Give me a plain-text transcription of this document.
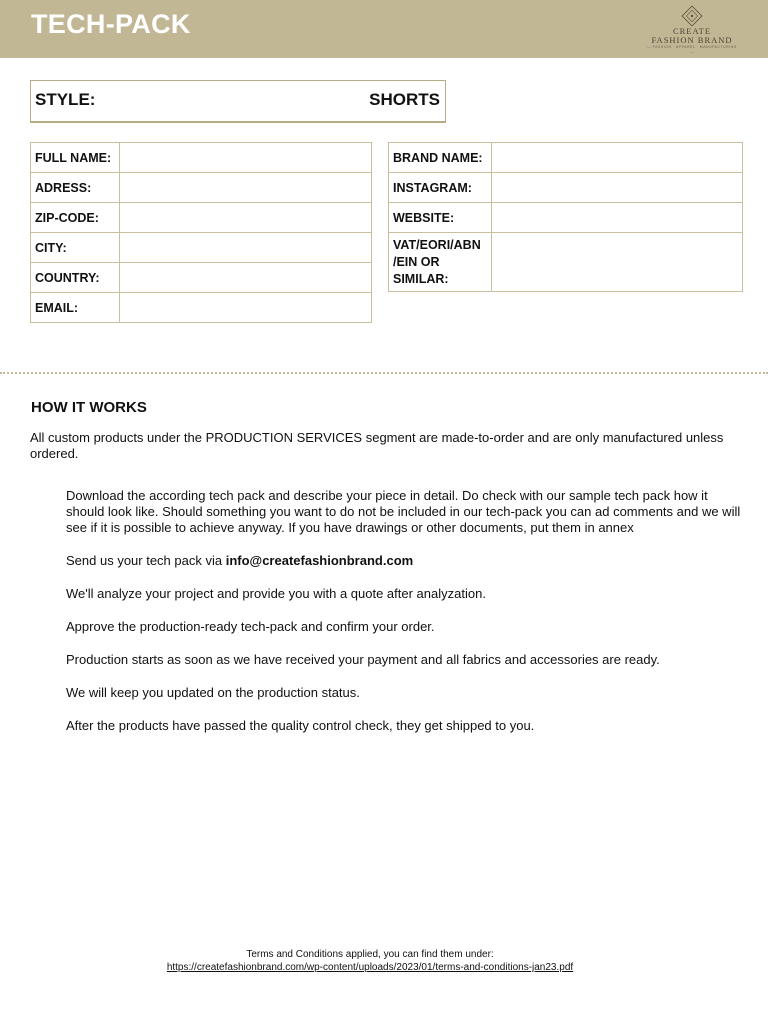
TECH-PACK	CREATE
FASHION BRAND
— FASHION · APPAREL · MANUFACTURING —
STYLE:	SHORTS
FULL NAME:	
ADRESS:	
ZIP-CODE:	
CITY:	
COUNTRY:	
EMAIL:	
BRAND NAME:	
INSTAGRAM:	
WEBSITE:	

VAT/EORI/ABN
/EIN OR
SIMILAR:	

HOW IT WORKS
All custom products under the PRODUCTION SERVICES segment are made-to-order and are only manufactured unless ordered.
Download the according tech pack and describe your piece in detail. Do check with our sample tech pack how it should look like. Should something you want to do not be included in our tech-pack you can ad comments and we will see if it is possible to achieve anyway. If you have drawings or other documents, put them in annex
Send us your tech pack via info@createfashionbrand.com
We'll analyze your project and provide you with a quote after analyzation.
Approve the production-ready tech-pack and confirm your order.
Production starts as soon as we have received your payment and all fabrics and accessories are ready.
We will keep you updated on the production status.
After the products have passed the quality control check, they get shipped to you.
Terms and Conditions applied, you can find them under:
https://createfashionbrand.com/wp-content/uploads/2023/01/terms-and-conditions-jan23.pdf
